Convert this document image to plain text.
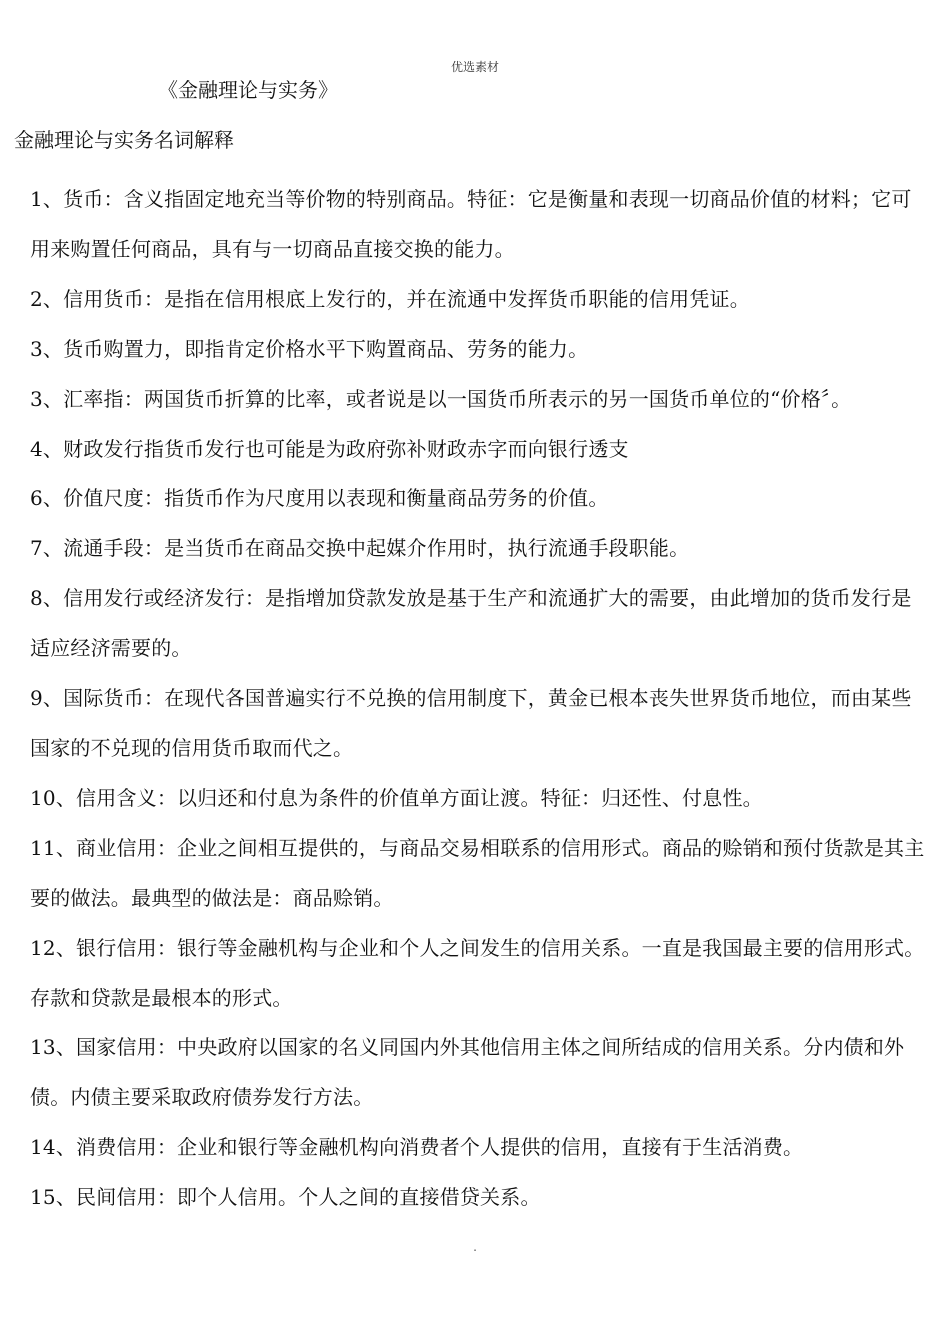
优选素材
《金融理论与实务》
金融理论与实务名词解释
1、货币：含义指固定地充当等价物的特别商品。特征：它是衡量和表现一切商品价值的材料；它可用来购置任何商品，具有与一切商品直接交换的能力。
2、信用货币：是指在信用根底上发行的，并在流通中发挥货币职能的信用凭证。
3、货币购置力，即指肯定价格水平下购置商品、劳务的能力。
3、汇率指：两国货币折算的比率，或者说是以一国货币所表示的另一国货币单位的“价格〞。
4、财政发行指货币发行也可能是为政府弥补财政赤字而向银行透支
6、价值尺度：指货币作为尺度用以表现和衡量商品劳务的价值。
7、流通手段：是当货币在商品交换中起媒介作用时，执行流通手段职能。
8、信用发行或经济发行：是指增加贷款发放是基于生产和流通扩大的需要，由此增加的货币发行是适应经济需要的。
9、国际货币：在现代各国普遍实行不兑换的信用制度下，黄金已根本丧失世界货币地位，而由某些国家的不兑现的信用货币取而代之。
10、信用含义：以归还和付息为条件的价值单方面让渡。特征：归还性、付息性。
11、商业信用：企业之间相互提供的，与商品交易相联系的信用形式。商品的赊销和预付货款是其主要的做法。最典型的做法是：商品赊销。
12、银行信用：银行等金融机构与企业和个人之间发生的信用关系。一直是我国最主要的信用形式。存款和贷款是最根本的形式。
13、国家信用：中央政府以国家的名义同国内外其他信用主体之间所结成的信用关系。分内债和外债。内债主要采取政府债券发行方法。
14、消费信用：企业和银行等金融机构向消费者个人提供的信用，直接有于生活消费。
15、民间信用：即个人信用。个人之间的直接借贷关系。
.
